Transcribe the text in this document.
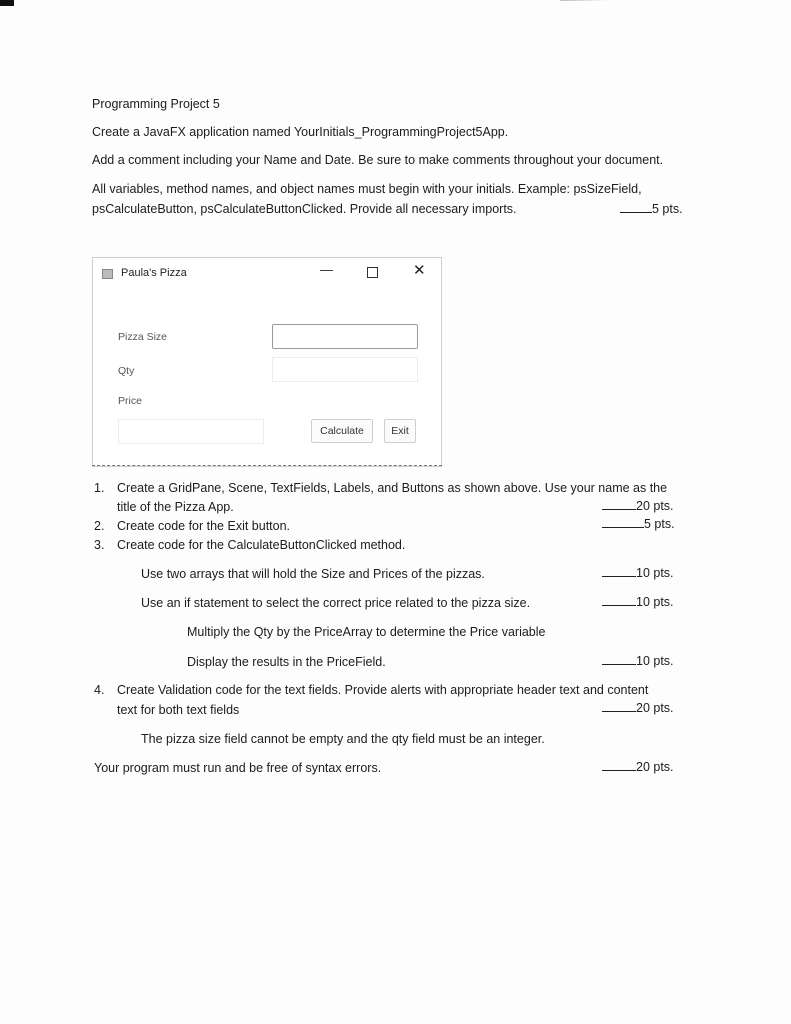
Programming Project 5
Create a JavaFX application named YourInitials_ProgrammingProject5App.
Add a comment including your Name and Date. Be sure to make comments throughout your document.
All variables, method names, and object names must begin with your initials. Example: psSizeField,
psCalculateButton, psCalculateButtonClicked. Provide all necessary imports.	5 pts.
Paula's Pizza	—	✕
Pizza Size
Qty
Price
Calculate	Exit
1. Create a GridPane, Scene, TextFields, Labels, and Buttons as shown above. Use your name as the
title of the Pizza App.	20 pts.
2. Create code for the Exit button.	5 pts.
3. Create code for the CalculateButtonClicked method.
Use two arrays that will hold the Size and Prices of the pizzas.	10 pts.
Use an if statement to select the correct price related to the pizza size.	10 pts.
Multiply the Qty by the PriceArray to determine the Price variable
Display the results in the PriceField.	10 pts.
4. Create Validation code for the text fields. Provide alerts with appropriate header text and content
text for both text fields	20 pts.
The pizza size field cannot be empty and the qty field must be an integer.
Your program must run and be free of syntax errors.	20 pts.
